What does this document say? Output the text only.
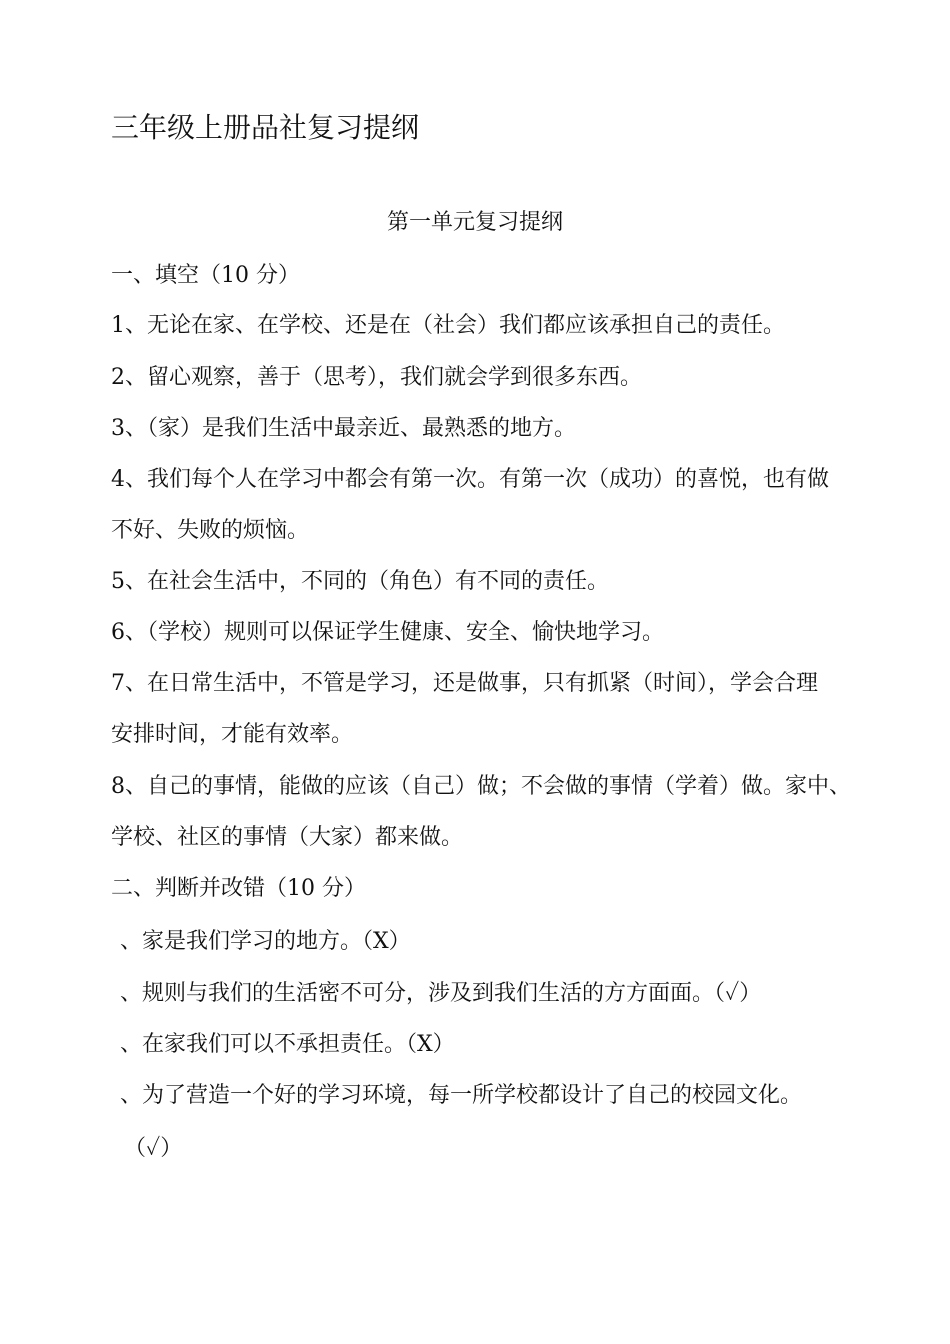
三年级上册品社复习提纲
第一单元复习提纲
一、填空（10 分）
1、无论在家、在学校、还是在（社会）我们都应该承担自己的责任。
2、留心观察，善于（思考），我们就会学到很多东西。
3、（家）是我们生活中最亲近、最熟悉的地方。
4、我们每个人在学习中都会有第一次。有第一次（成功）的喜悦，也有做
不好、失败的烦恼。
5、在社会生活中，不同的（角色）有不同的责任。
6、（学校）规则可以保证学生健康、安全、愉快地学习。
7、在日常生活中，不管是学习，还是做事，只有抓紧（时间），学会合理
安排时间，才能有效率。
8、自己的事情，能做的应该（自己）做；不会做的事情（学着）做。家中、
学校、社区的事情（大家）都来做。
二、判断并改错（10 分）
、家是我们学习的地方。（X）
、规则与我们的生活密不可分，涉及到我们生活的方方面面。（✓）
、在家我们可以不承担责任。（X）
、为了营造一个好的学习环境，每一所学校都设计了自己的校园文化。
（✓）
